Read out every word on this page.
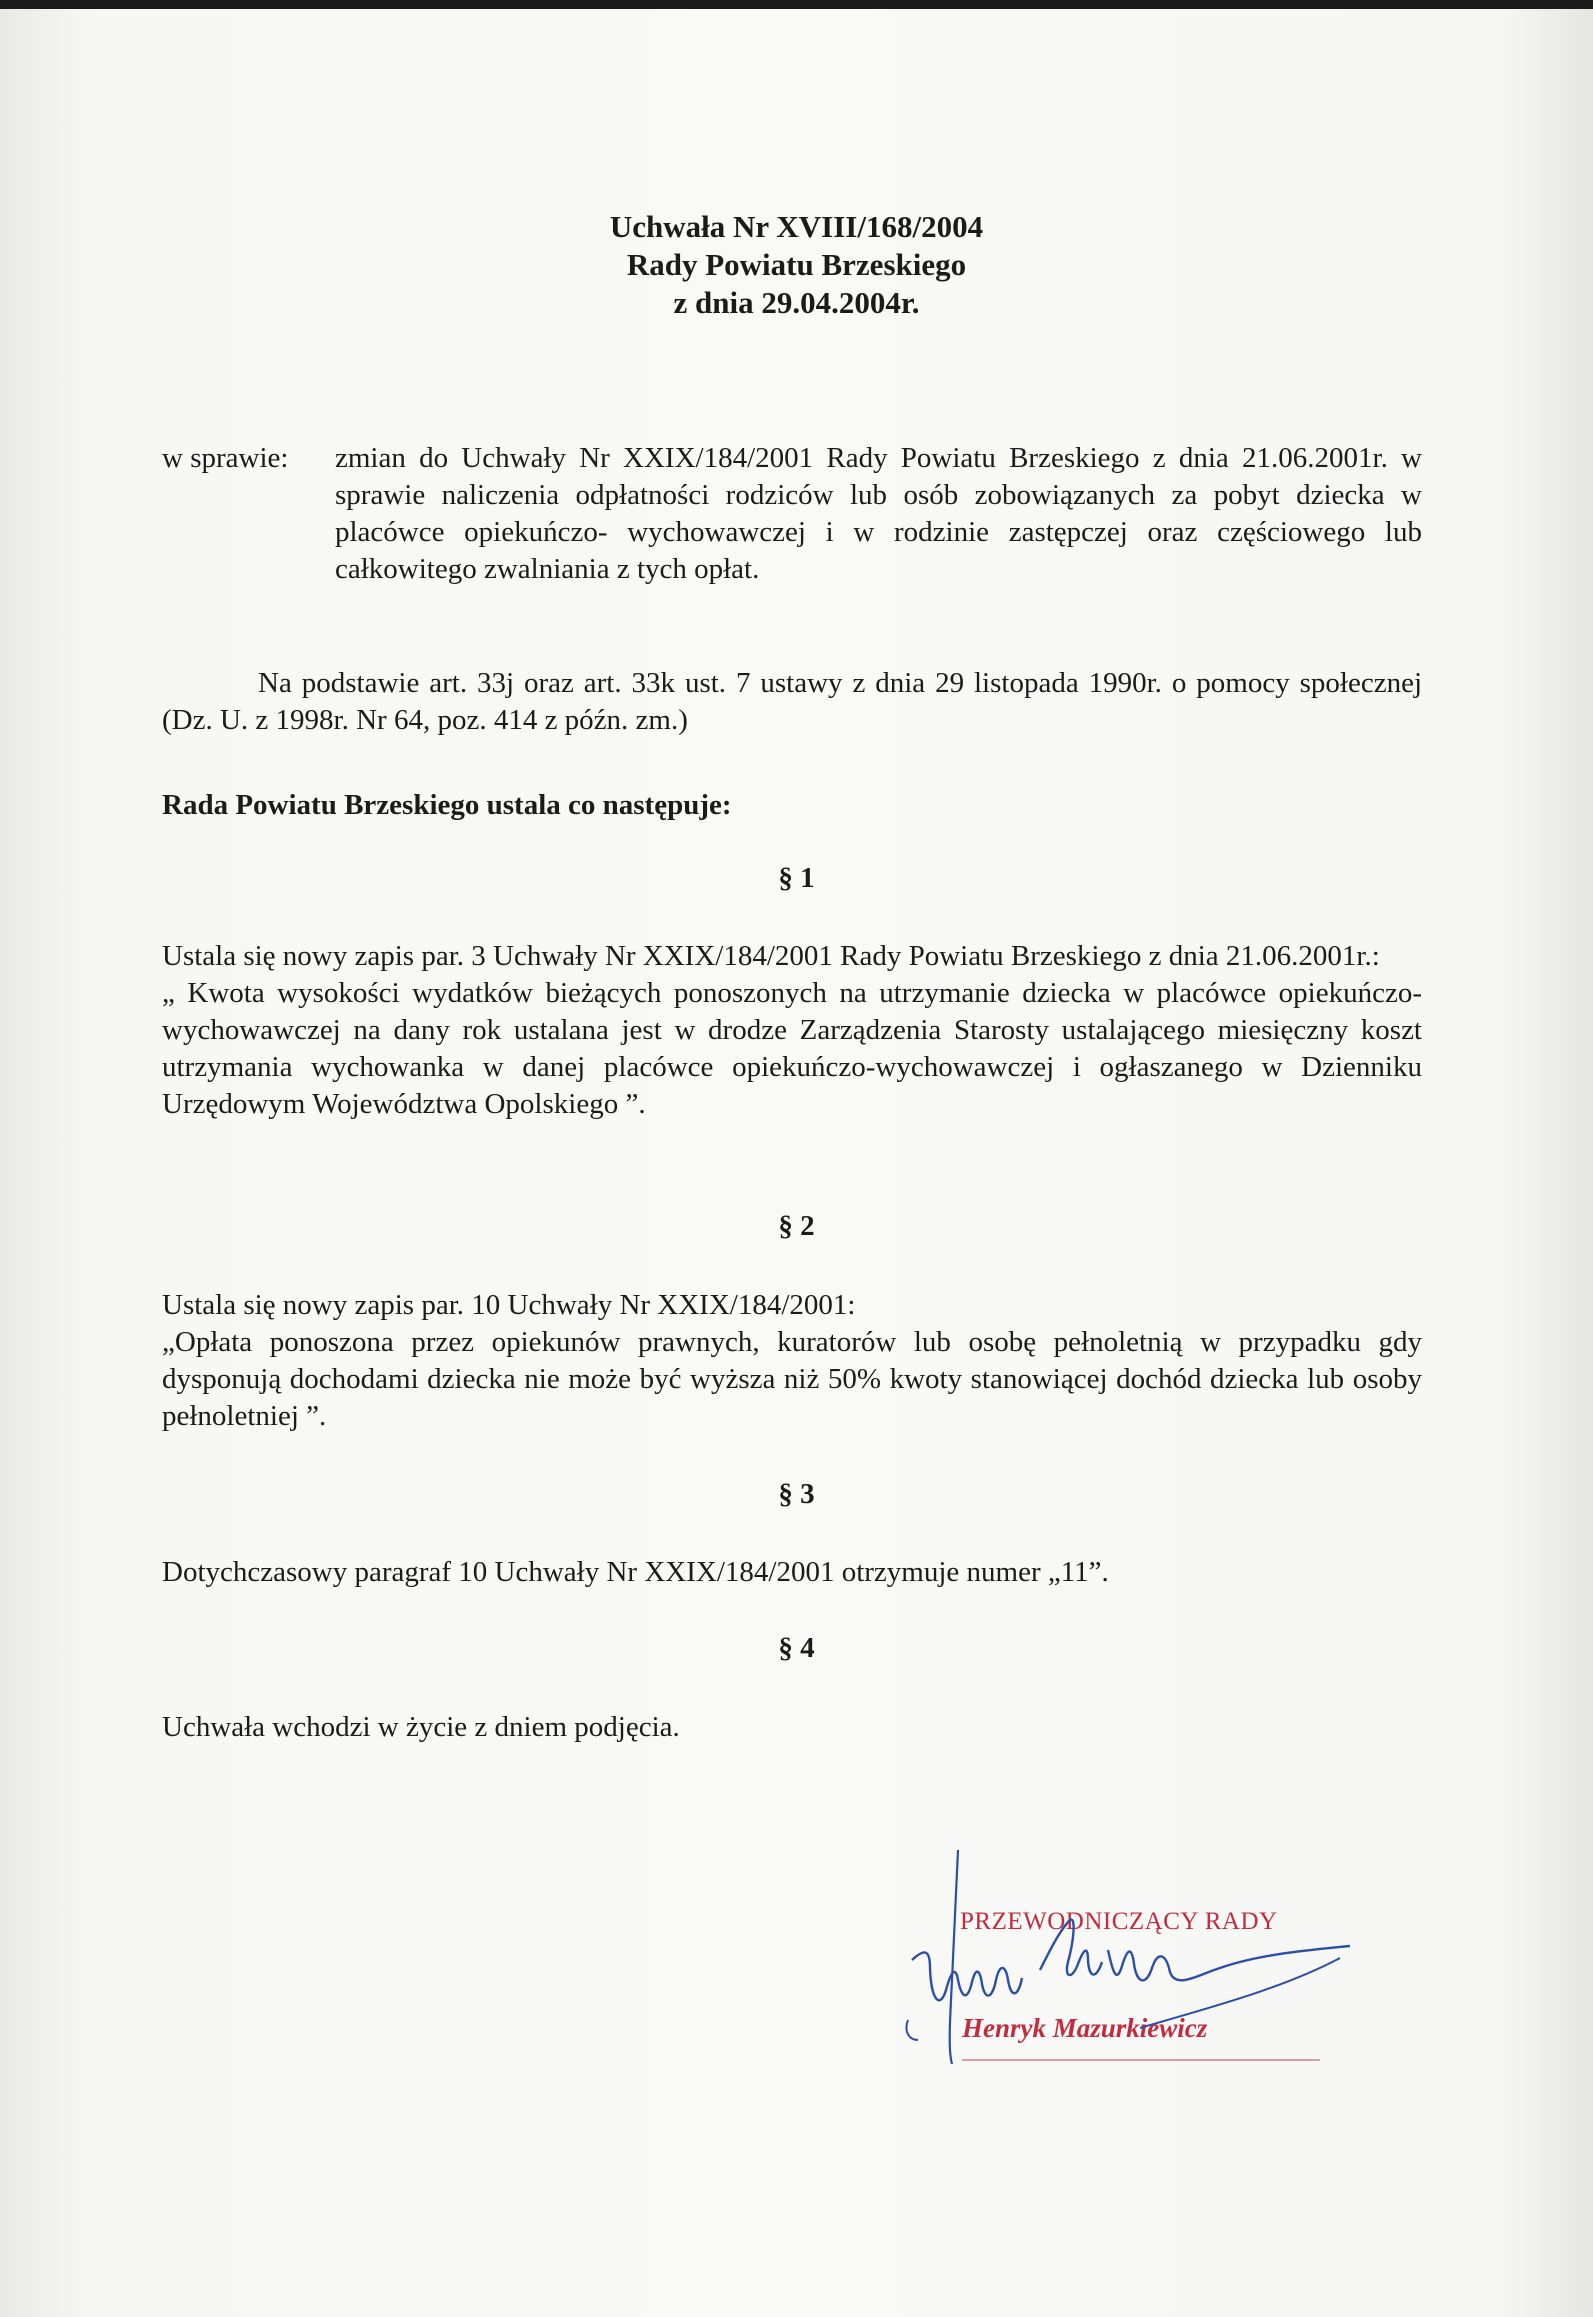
Uchwała Nr XVIII/168/2004
Rady Powiatu Brzeskiego
z dnia 29.04.2004r.
w sprawie:	zmian do Uchwały Nr XXIX/184/2001 Rady Powiatu Brzeskiego z dnia 21.06.2001r. w sprawie naliczenia odpłatności rodziców lub osób zobowiązanych za pobyt dziecka w placówce opiekuńczo- wychowawczej i w rodzinie zastępczej oraz częściowego lub całkowitego zwalniania z tych opłat.
Na podstawie art. 33j oraz art. 33k ust. 7 ustawy z dnia 29 listopada 1990r. o pomocy społecznej (Dz. U. z 1998r. Nr 64, poz. 414 z późn. zm.)
Rada Powiatu Brzeskiego ustala co następuje:
§ 1
Ustala się nowy zapis par. 3 Uchwały Nr XXIX/184/2001 Rady Powiatu Brzeskiego z dnia 21.06.2001r.:
„ Kwota wysokości wydatków bieżących ponoszonych na utrzymanie dziecka w placówce opiekuńczo- wychowawczej na dany rok ustalana jest w drodze Zarządzenia Starosty ustalającego miesięczny koszt utrzymania wychowanka w danej placówce opiekuńczo-wychowawczej i ogłaszanego w Dzienniku Urzędowym Województwa Opolskiego ”.
§ 2
Ustala się nowy zapis par. 10 Uchwały Nr XXIX/184/2001:
„Opłata ponoszona przez opiekunów prawnych, kuratorów lub osobę pełnoletnią w przypadku gdy dysponują dochodami dziecka nie może być wyższa niż 50% kwoty stanowiącej dochód dziecka lub osoby pełnoletniej ”.
§ 3
Dotychczasowy paragraf 10 Uchwały Nr XXIX/184/2001 otrzymuje numer „11”.
§ 4
Uchwała wchodzi w życie z dniem podjęcia.
PRZEWODNICZĄCY RADY
Henryk Mazurkiewicz
